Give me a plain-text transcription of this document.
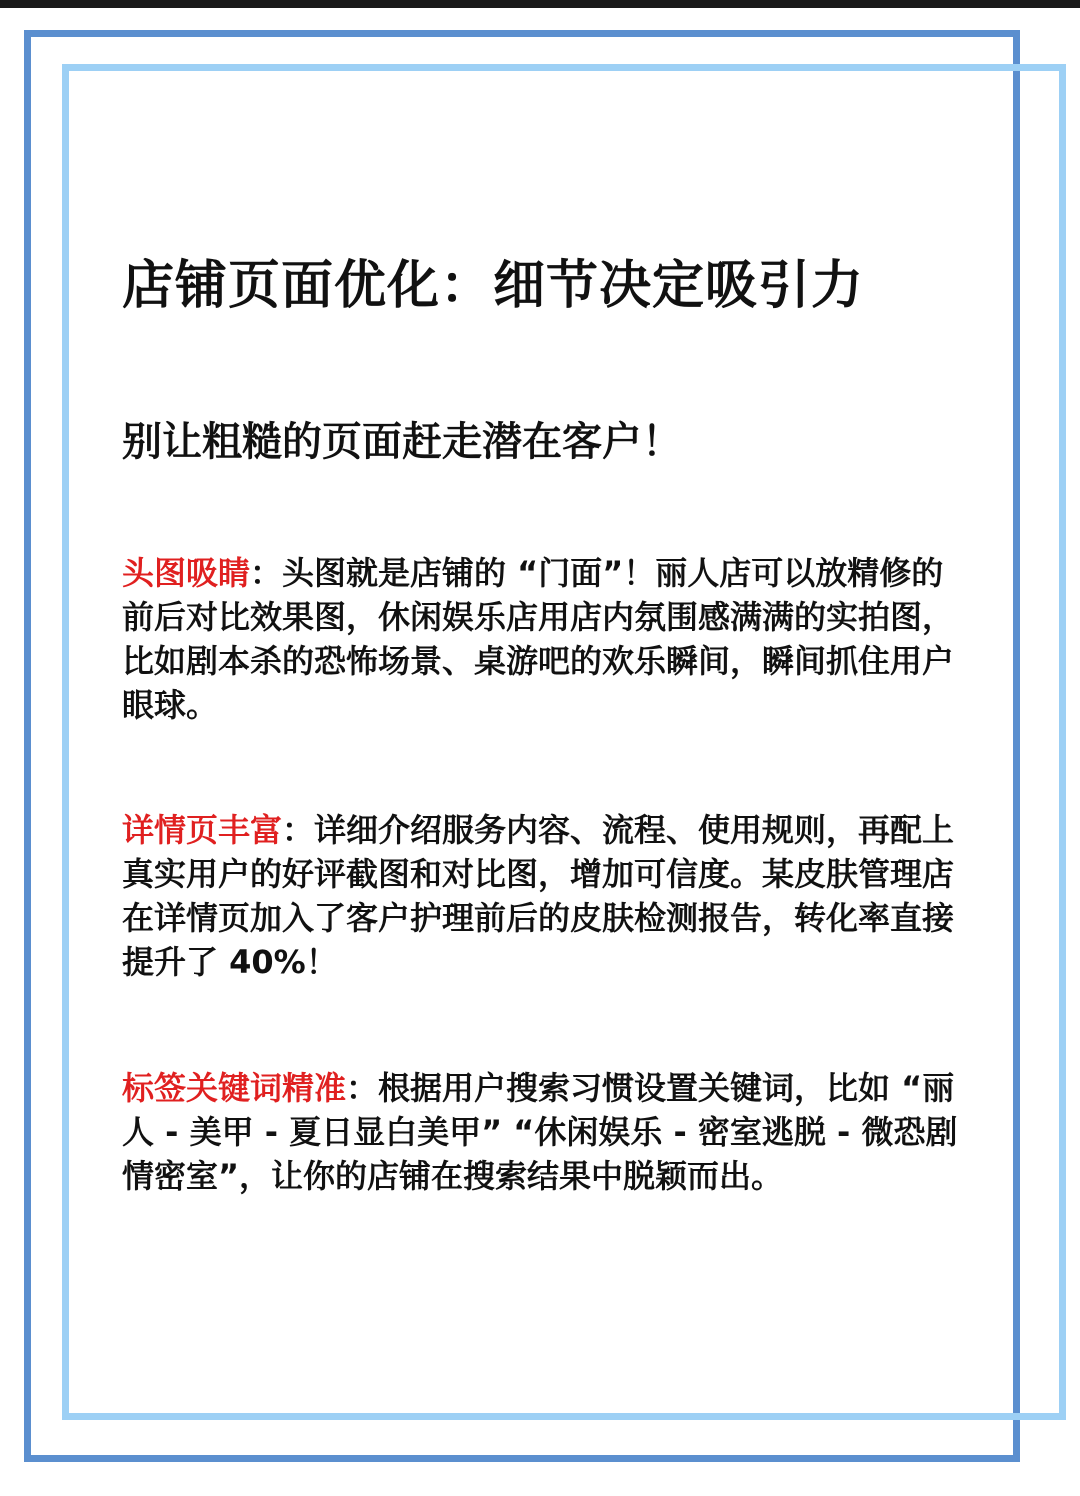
店铺页面优化：细节决定吸引力
别让粗糙的页面赶走潜在客户！
头图吸睛：头图就是店铺的 “门面”！丽人店可以放精修的前后对比效果图，休闲娱乐店用店内氛围感满满的实拍图，比如剧本杀的恐怖场景、桌游吧的欢乐瞬间，瞬间抓住用户眼球。
详情页丰富：详细介绍服务内容、流程、使用规则，再配上真实用户的好评截图和对比图，增加可信度。某皮肤管理店在详情页加入了客户护理前后的皮肤检测报告，转化率直接提升了 40%！
标签关键词精准：根据用户搜索习惯设置关键词，比如 “丽人 - 美甲 - 夏日显白美甲” “休闲娱乐 - 密室逃脱 - 微恐剧情密室”，让你的店铺在搜索结果中脱颖而出。
